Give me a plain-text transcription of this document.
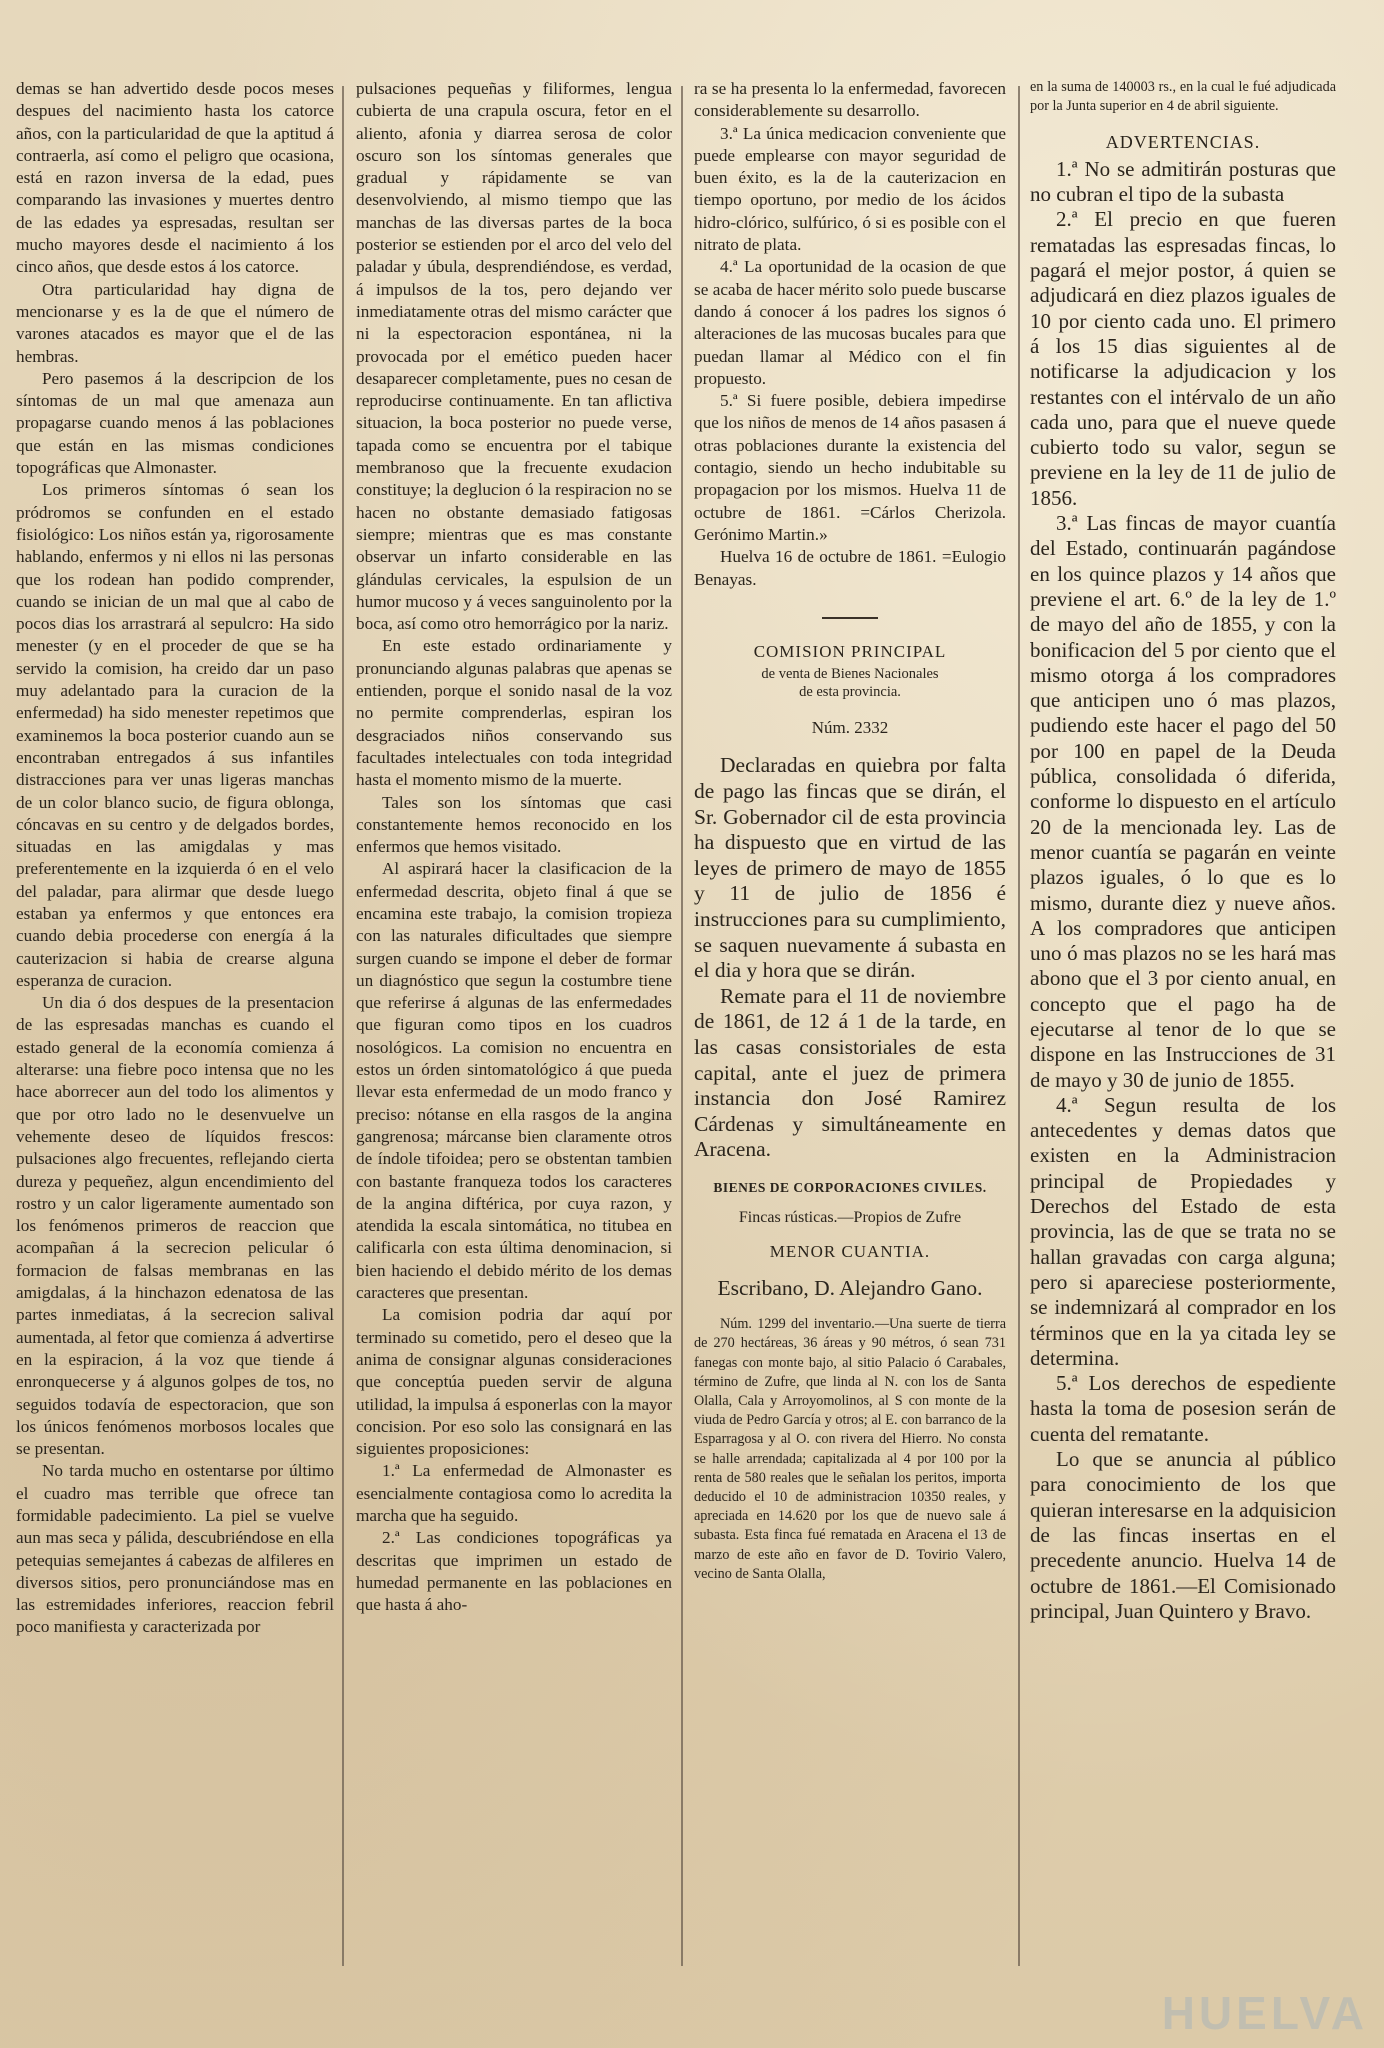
demas se han advertido desde pocos meses despues del nacimiento hasta los catorce años, con la particularidad de que la aptitud á contraerla, así como el peligro que ocasiona, está en razon inversa de la edad, pues comparando las invasiones y muertes dentro de las edades ya espresadas, resultan ser mucho mayores desde el nacimiento á los cinco años, que desde estos á los catorce.

Otra particularidad hay digna de mencionarse y es la de que el número de varones atacados es mayor que el de las hembras.

Pero pasemos á la descripcion de los síntomas de un mal que amenaza aun propagarse cuando menos á las poblaciones que están en las mismas condiciones topográficas que Almonaster.

Los primeros síntomas ó sean los pródromos se confunden en el estado fisiológico: Los niños están ya, rigorosamente hablando, enfermos y ni ellos ni las personas que los rodean han podido comprender, cuando se inician de un mal que al cabo de pocos dias los arrastrará al sepulcro: Ha sido menester (y en el proceder de que se ha servido la comision, ha creido dar un paso muy adelantado para la curacion de la enfermedad) ha sido menester repetimos que examinemos la boca posterior cuando aun se encontraban entregados á sus infantiles distracciones para ver unas ligeras manchas de un color blanco sucio, de figura oblonga, cóncavas en su centro y de delgados bordes, situadas en las amigdalas y mas preferentemente en la izquierda ó en el velo del paladar, para alirmar que desde luego estaban ya enfermos y que entonces era cuando debia procederse con energía á la cauterizacion si habia de crearse alguna esperanza de curacion.

Un dia ó dos despues de la presentacion de las espresadas manchas es cuando el estado general de la economía comienza á alterarse: una fiebre poco intensa que no les hace aborrecer aun del todo los alimentos y que por otro lado no le desenvuelve un vehemente deseo de líquidos frescos: pulsaciones algo frecuentes, reflejando cierta dureza y pequeñez, algun encendimiento del rostro y un calor ligeramente aumentado son los fenómenos primeros de reaccion que acompañan á la secrecion pelicular ó formacion de falsas membranas en las amigdalas, á la hinchazon edenatosa de las partes inmediatas, á la secrecion salival aumentada, al fetor que comienza á advertirse en la espiracion, á la voz que tiende á enronquecerse y á algunos golpes de tos, no seguidos todavía de espectoracion, que son los únicos fenómenos morbosos locales que se presentan.

No tarda mucho en ostentarse por último el cuadro mas terrible que ofrece tan formidable padecimiento. La piel se vuelve aun mas seca y pálida, descubriéndose en ella petequias semejantes á cabezas de alfileres en diversos sitios, pero pronunciándose mas en las estremidades inferiores, reaccion febril poco manifiesta y caracterizada por

pulsaciones pequeñas y filiformes, lengua cubierta de una crapula oscura, fetor en el aliento, afonia y diarrea serosa de color oscuro son los síntomas generales que gradual y rápidamente se van desenvolviendo, al mismo tiempo que las manchas de las diversas partes de la boca posterior se estienden por el arco del velo del paladar y úbula, desprendiéndose, es verdad, á impulsos de la tos, pero dejando ver inmediatamente otras del mismo carácter que ni la espectoracion espontánea, ni la provocada por el emético pueden hacer desaparecer completamente, pues no cesan de reproducirse continuamente. En tan aflictiva situacion, la boca posterior no puede verse, tapada como se encuentra por el tabique membranoso que la frecuente exudacion constituye; la deglucion ó la respiracion no se hacen no obstante demasiado fatigosas siempre; mientras que es mas constante observar un infarto considerable en las glándulas cervicales, la espulsion de un humor mucoso y á veces sanguinolento por la boca, así como otro hemorrágico por la nariz.

En este estado ordinariamente y pronunciando algunas palabras que apenas se entienden, porque el sonido nasal de la voz no permite comprenderlas, espiran los desgraciados niños conservando sus facultades intelectuales con toda integridad hasta el momento mismo de la muerte.

Tales son los síntomas que casi constantemente hemos reconocido en los enfermos que hemos visitado.

Al aspirará hacer la clasificacion de la enfermedad descrita, objeto final á que se encamina este trabajo, la comision tropieza con las naturales dificultades que siempre surgen cuando se impone el deber de formar un diagnóstico que segun la costumbre tiene que referirse á algunas de las enfermedades que figuran como tipos en los cuadros nosológicos. La comision no encuentra en estos un órden sintomatológico á que pueda llevar esta enfermedad de un modo franco y preciso: nótanse en ella rasgos de la angina gangrenosa; márcanse bien claramente otros de índole tifoidea; pero se obstentan tambien con bastante franqueza todos los caracteres de la angina diftérica, por cuya razon, y atendida la escala sintomática, no titubea en calificarla con esta última denominacion, si bien haciendo el debido mérito de los demas caracteres que presentan.

La comision podria dar aquí por terminado su cometido, pero el deseo que la anima de consignar algunas consideraciones que conceptúa pueden servir de alguna utilidad, la impulsa á esponerlas con la mayor concision. Por eso solo las consignará en las siguientes proposiciones:

1.ª La enfermedad de Almonaster es esencialmente contagiosa como lo acredita la marcha que ha seguido.

2.ª Las condiciones topográficas ya descritas que imprimen un estado de humedad permanente en las poblaciones en que hasta á aho-

ra se ha presenta lo la enfermedad, favorecen considerablemente su desarrollo.

3.ª La única medicacion conveniente que puede emplearse con mayor seguridad de buen éxito, es la de la cauterizacion en tiempo oportuno, por medio de los ácidos hidro-clórico, sulfúrico, ó si es posible con el nitrato de plata.

4.ª La oportunidad de la ocasion de que se acaba de hacer mérito solo puede buscarse dando á conocer á los padres los signos ó alteraciones de las mucosas bucales para que puedan llamar al Médico con el fin propuesto.

5.ª Si fuere posible, debiera impedirse que los niños de menos de 14 años pasasen á otras poblaciones durante la existencia del contagio, siendo un hecho indubitable su propagacion por los mismos. Huelva 11 de octubre de 1861. =Cárlos Cherizola. Gerónimo Martin.»

Huelva 16 de octubre de 1861. =Eulogio Benayas.

COMISION PRINCIPAL

de venta de Bienes Nacionales

de esta provincia.

Núm. 2332

Declaradas en quiebra por falta de pago las fincas que se dirán, el Sr. Gobernador cil de esta provincia ha dispuesto que en virtud de las leyes de primero de mayo de 1855 y 11 de julio de 1856 é instrucciones para su cumplimiento, se saquen nuevamente á subasta en el dia y hora que se dirán.

Remate para el 11 de noviembre de 1861, de 12 á 1 de la tarde, en las casas consistoriales de esta capital, ante el juez de primera instancia don José Ramirez Cárdenas y simultáneamente en Aracena.

BIENES DE CORPORACIONES CIVILES.

Fincas rústicas.—Propios de Zufre

MENOR CUANTIA.

Escribano, D. Alejandro Gano.

Núm. 1299 del inventario.—Una suerte de tierra de 270 hectáreas, 36 áreas y 90 métros, ó sean 731 fanegas con monte bajo, al sitio Palacio ó Carabales, término de Zufre, que linda al N. con los de Santa Olalla, Cala y Arroyomolinos, al S con monte de la viuda de Pedro García y otros; al E. con barranco de la Esparragosa y al O. con rivera del Hierro. No consta se halle arrendada; capitalizada al 4 por 100 por la renta de 580 reales que le señalan los peritos, importa deducido el 10 de administracion 10350 reales, y apreciada en 14.620 por los que de nuevo sale á subasta. Esta finca fué rematada en Aracena el 13 de marzo de este año en favor de D. Tovirio Valero, vecino de Santa Olalla,

en la suma de 140003 rs., en la cual le fué adjudicada por la Junta superior en 4 de abril siguiente.

ADVERTENCIAS.

1.ª No se admitirán posturas que no cubran el tipo de la subasta

2.ª El precio en que fueren rematadas las espresadas fincas, lo pagará el mejor postor, á quien se adjudicará en diez plazos iguales de 10 por ciento cada uno. El primero á los 15 dias siguientes al de notificarse la adjudicacion y los restantes con el intérvalo de un año cada uno, para que el nueve quede cubierto todo su valor, segun se previene en la ley de 11 de julio de 1856.

3.ª Las fincas de mayor cuantía del Estado, continuarán pagándose en los quince plazos y 14 años que previene el art. 6.º de la ley de 1.º de mayo del año de 1855, y con la bonificacion del 5 por ciento que el mismo otorga á los compradores que anticipen uno ó mas plazos, pudiendo este hacer el pago del 50 por 100 en papel de la Deuda pública, consolidada ó diferida, conforme lo dispuesto en el artículo 20 de la mencionada ley. Las de menor cuantía se pagarán en veinte plazos iguales, ó lo que es lo mismo, durante diez y nueve años. A los compradores que anticipen uno ó mas plazos no se les hará mas abono que el 3 por ciento anual, en concepto que el pago ha de ejecutarse al tenor de lo que se dispone en las Instrucciones de 31 de mayo y 30 de junio de 1855.

4.ª Segun resulta de los antecedentes y demas datos que existen en la Administracion principal de Propiedades y Derechos del Estado de esta provincia, las de que se trata no se hallan gravadas con carga alguna; pero si apareciese posteriormente, se indemnizará al comprador en los términos que en la ya citada ley se determina.

5.ª Los derechos de espediente hasta la toma de posesion serán de cuenta del rematante.

Lo que se anuncia al público para conocimiento de los que quieran interesarse en la adquisicion de las fincas insertas en el precedente anuncio. Huelva 14 de octubre de 1861.—El Comisionado principal, Juan Quintero y Bravo.

HUELVA
